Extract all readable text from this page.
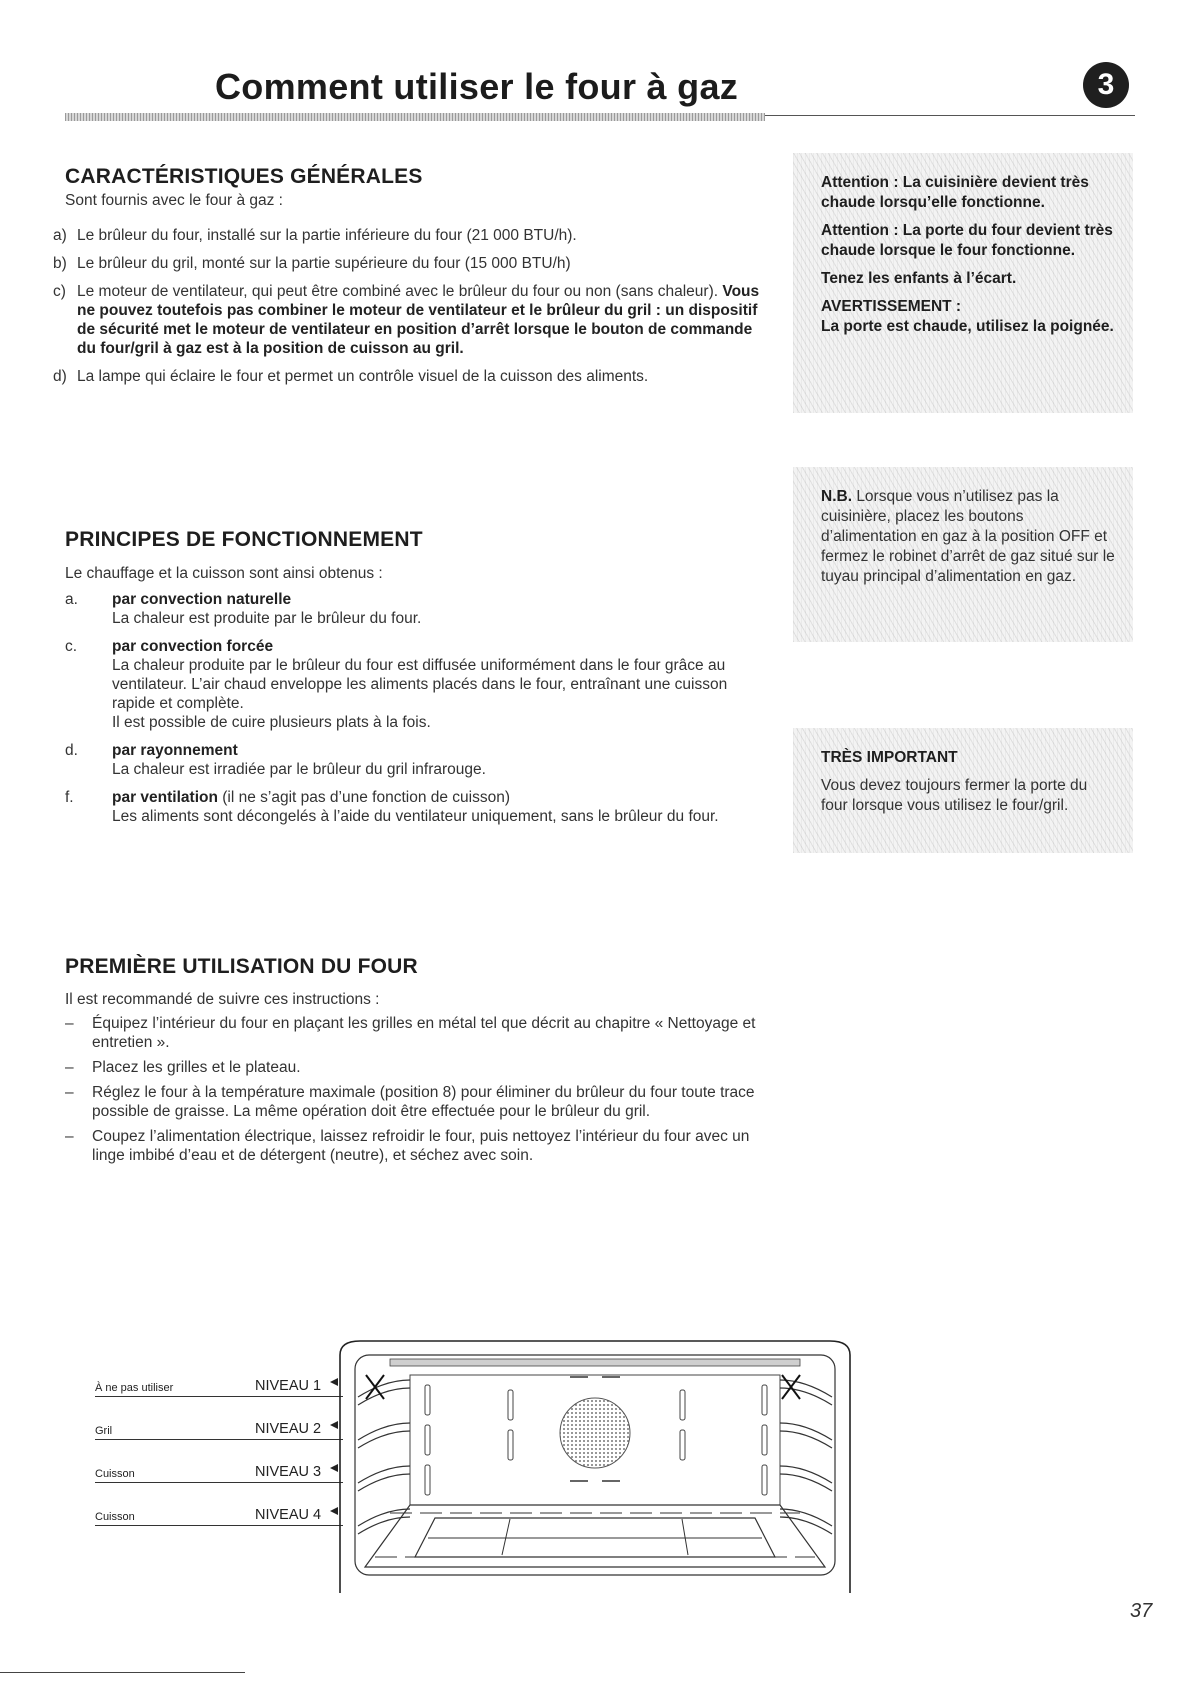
Comment utiliser le four à gaz	3
CARACTÉRISTIQUES GÉNÉRALES
Sont fournis avec le four à gaz :
a) Le brûleur du four, installé sur la partie inférieure du four (21 000 BTU/h).
b) Le brûleur du gril, monté sur la partie supérieure du four (15 000 BTU/h)
c) Le moteur de ventilateur, qui peut être combiné avec le brûleur du four ou non (sans chaleur). Vous ne pouvez toutefois pas combiner le moteur de ventilateur et le brûleur du gril : un dispositif de sécurité met le moteur de ventilateur en position d’arrêt lorsque le bouton de commande du four/gril à gaz est à la position de cuisson au gril.
d) La lampe qui éclaire le four et permet un contrôle visuel de la cuisson des aliments.
PRINCIPES DE FONCTIONNEMENT
Le chauffage et la cuisson sont ainsi obtenus :
a.	par convection naturelle
La chaleur est produite par le brûleur du four.
c.	par convection forcée
La chaleur produite par le brûleur du four est diffusée uniformément dans le four grâce au ventilateur. L’air chaud enveloppe les aliments placés dans le four, entraînant une cuisson rapide et complète.
Il est possible de cuire plusieurs plats à la fois.
d.	par rayonnement
La chaleur est irradiée par le brûleur du gril infrarouge.
f.	par ventilation (il ne s’agit pas d’une fonction de cuisson)
Les aliments sont décongelés à l’aide du ventilateur uniquement, sans le brûleur du four.
PREMIÈRE UTILISATION DU FOUR
Il est recommandé de suivre ces instructions :
–	Équipez l’intérieur du four en plaçant les grilles en métal tel que décrit au chapitre « Nettoyage et entretien ».
–	Placez les grilles et le plateau.
–	Réglez le four à la température maximale (position 8) pour éliminer du brûleur du four toute trace possible de graisse. La même opération doit être effectuée pour le brûleur du gril.
–	Coupez l’alimentation électrique, laissez refroidir le four, puis nettoyez l’intérieur du four avec un linge imbibé d’eau et de détergent (neutre), et séchez avec soin.

Attention : La cuisinière devient très chaude lorsqu’elle fonctionne.

Attention : La porte du four devient très chaude lorsque le four fonctionne.

Tenez les enfants à l’écart.

AVERTISSEMENT :

La porte est chaude, utilisez la poignée.

N.B. Lorsque vous n’utilisez pas la cuisinière, placez les boutons d’alimentation en gaz à la position OFF et fermez le robinet d’arrêt de gaz situé sur le tuyau principal d’alimentation en gaz.

TRÈS IMPORTANT

Vous devez toujours fermer la porte du four lorsque vous utilisez le four/gril.

À ne pas utiliser	NIVEAU 1
Gril	NIVEAU 2
Cuisson	NIVEAU 3
Cuisson	NIVEAU 4
37
